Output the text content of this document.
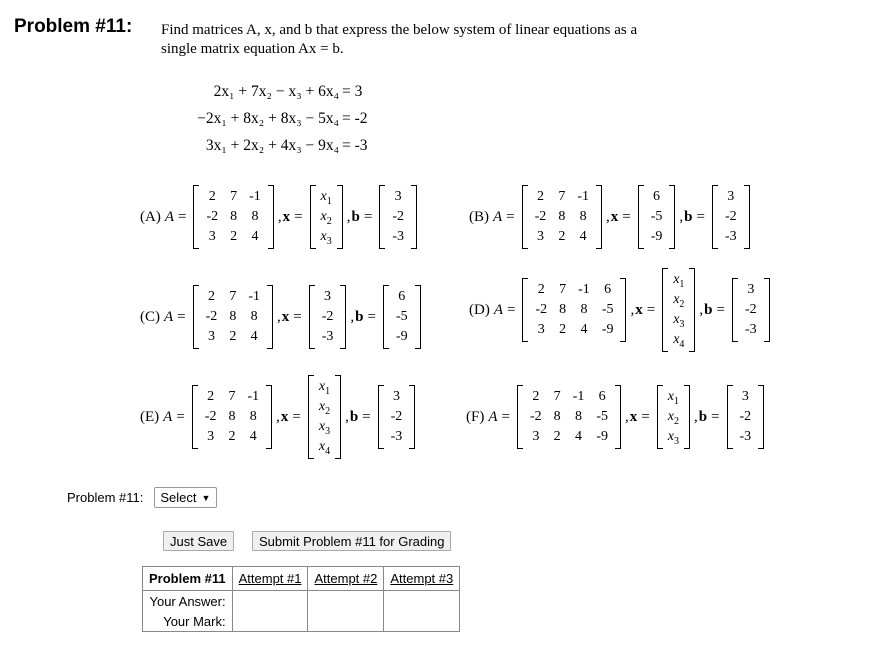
Problem #11: Find matrices A, x, and b that express the below system of linear equations as a
single matrix equation Ax = b.
2x₁ + 7x₂ − x₃ + 6x₄ = 3
−2x₁ + 8x₂ + 8x₃ − 5x₄ = -2
3x₁ + 2x₂ + 4x₃ − 9x₄ = -3
(A) A =
2	7 -1
-2 8	8
3	2	4
, x =
$x_1$
$x_2$
$x_3$
, b =
3
-2
-3
(B) A =
2	7 -1
-2 8	8
3	2	4
, x =
6
-5
-9
, b =
3
-2
-3
(C) A =
2	7 -1
-2 8	8
3	2	4
, x =
3
-2
-3
, b =
6
-5
-9
(D) A =
2	7 -1	6
-2 8	8	-5
3	2	4	-9
, x =
$x_1$
$x_2$
$x_3$
$x_4$
, b =
3
-2
-3
(E) A =
2	7 -1
-2 8	8
3	2	4
, x =
$x_1$
$x_2$
$x_3$
$x_4$
, b =
3
-2
-3
(F) A =
2	7 -1	6
-2 8	8	-5
3	2	4	-9
, x =
$x_1$
$x_2$
$x_3$
, b =
3
-2
-3
Problem #11: Select ▼
Just Save	Submit Problem #11 for Grading
Problem #11	Attempt #1	Attempt #2	Attempt #3
Your Answer:			
Your Mark:			
